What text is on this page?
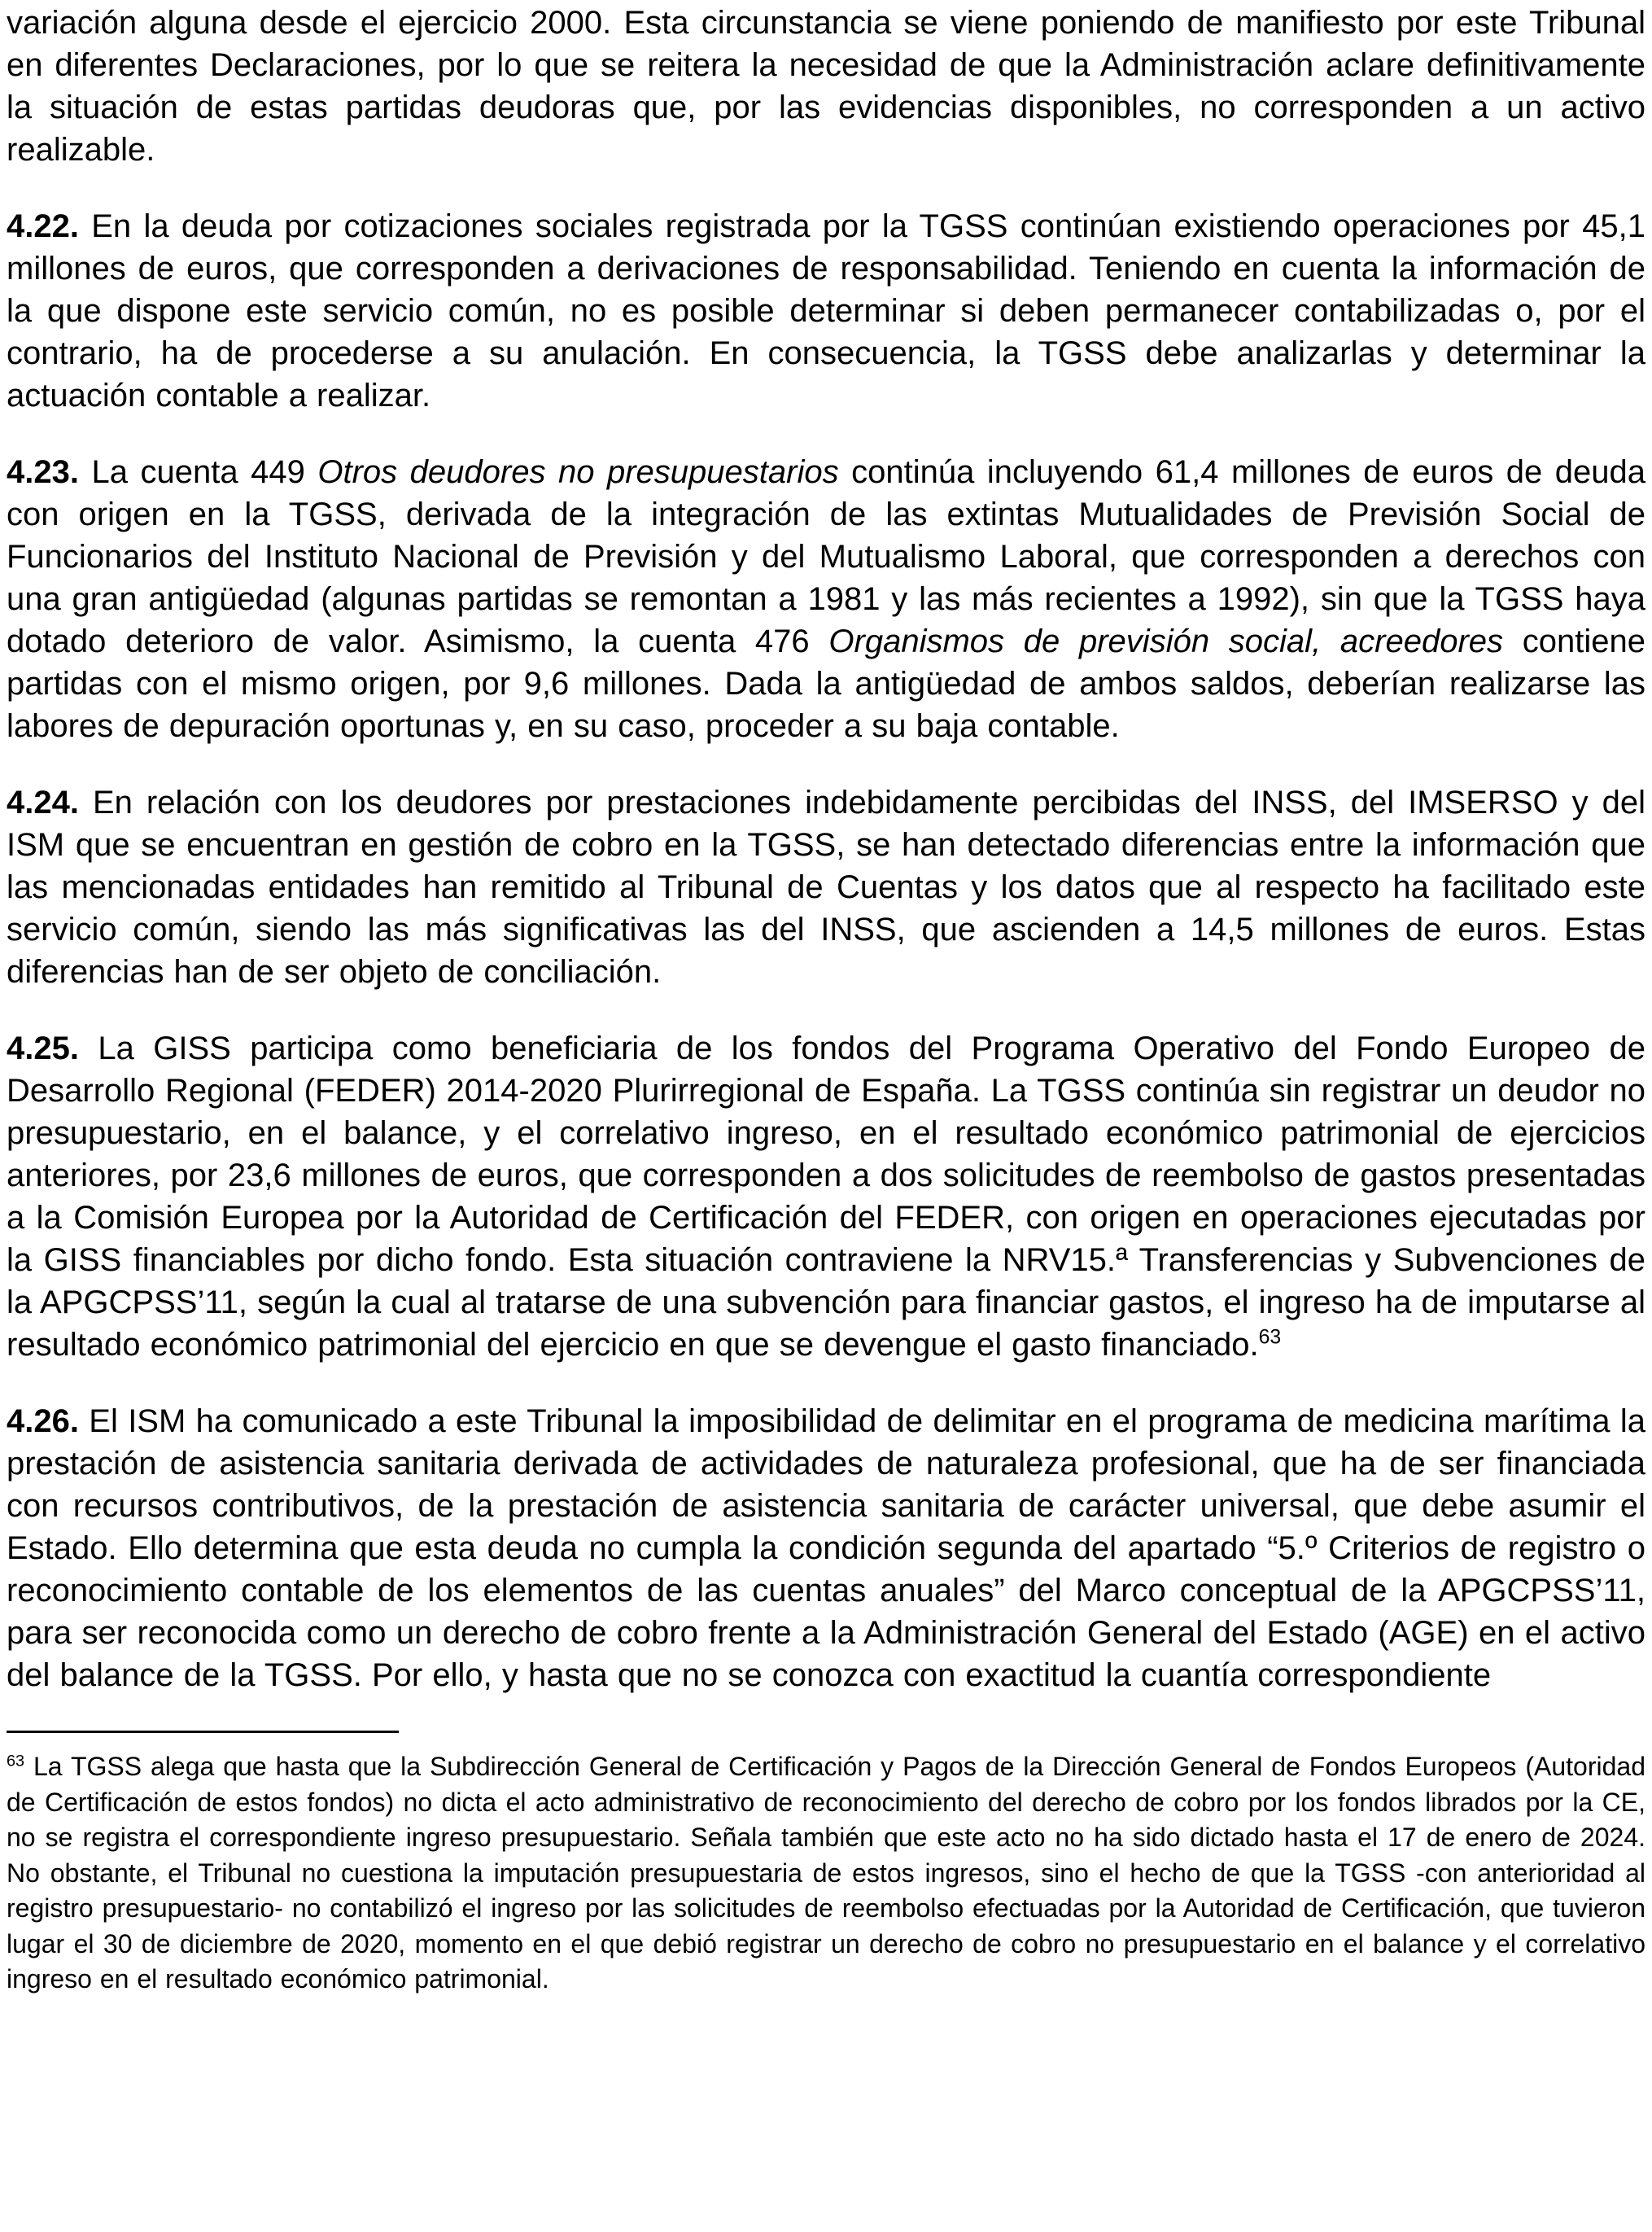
variación alguna desde el ejercicio 2000. Esta circunstancia se viene poniendo de manifiesto por este Tribunal en diferentes Declaraciones, por lo que se reitera la necesidad de que la Administración aclare definitivamente la situación de estas partidas deudoras que, por las evidencias disponibles, no corresponden a un activo realizable.

4.22. En la deuda por cotizaciones sociales registrada por la TGSS continúan existiendo operaciones por 45,1 millones de euros, que corresponden a derivaciones de responsabilidad. Teniendo en cuenta la información de la que dispone este servicio común, no es posible determinar si deben permanecer contabilizadas o, por el contrario, ha de procederse a su anulación. En consecuencia, la TGSS debe analizarlas y determinar la actuación contable a realizar.

4.23. La cuenta 449 Otros deudores no presupuestarios continúa incluyendo 61,4 millones de euros de deuda con origen en la TGSS, derivada de la integración de las extintas Mutualidades de Previsión Social de Funcionarios del Instituto Nacional de Previsión y del Mutualismo Laboral, que corresponden a derechos con una gran antigüedad (algunas partidas se remontan a 1981 y las más recientes a 1992), sin que la TGSS haya dotado deterioro de valor. Asimismo, la cuenta 476 Organismos de previsión social, acreedores contiene partidas con el mismo origen, por 9,6 millones. Dada la antigüedad de ambos saldos, deberían realizarse las labores de depuración oportunas y, en su caso, proceder a su baja contable.

4.24. En relación con los deudores por prestaciones indebidamente percibidas del INSS, del IMSERSO y del ISM que se encuentran en gestión de cobro en la TGSS, se han detectado diferencias entre la información que las mencionadas entidades han remitido al Tribunal de Cuentas y los datos que al respecto ha facilitado este servicio común, siendo las más significativas las del INSS, que ascienden a 14,5 millones de euros. Estas diferencias han de ser objeto de conciliación.

4.25. La GISS participa como beneficiaria de los fondos del Programa Operativo del Fondo Europeo de Desarrollo Regional (FEDER) 2014-2020 Plurirregional de España. La TGSS continúa sin registrar un deudor no presupuestario, en el balance, y el correlativo ingreso, en el resultado económico patrimonial de ejercicios anteriores, por 23,6 millones de euros, que corresponden a dos solicitudes de reembolso de gastos presentadas a la Comisión Europea por la Autoridad de Certificación del FEDER, con origen en operaciones ejecutadas por la GISS financiables por dicho fondo. Esta situación contraviene la NRV15.ª Transferencias y Subvenciones de la APGCPSS’11, según la cual al tratarse de una subvención para financiar gastos, el ingreso ha de imputarse al resultado económico patrimonial del ejercicio en que se devengue el gasto financiado.$^{63}$

4.26. El ISM ha comunicado a este Tribunal la imposibilidad de delimitar en el programa de medicina marítima la prestación de asistencia sanitaria derivada de actividades de naturaleza profesional, que ha de ser financiada con recursos contributivos, de la prestación de asistencia sanitaria de carácter universal, que debe asumir el Estado. Ello determina que esta deuda no cumpla la condición segunda del apartado “5.º Criterios de registro o reconocimiento contable de los elementos de las cuentas anuales” del Marco conceptual de la APGCPSS’11, para ser reconocida como un derecho de cobro frente a la Administración General del Estado (AGE) en el activo del balance de la TGSS. Por ello, y hasta que no se conozca con exactitud la cuantía correspondiente

$^{63}$ La TGSS alega que hasta que la Subdirección General de Certificación y Pagos de la Dirección General de Fondos Europeos (Autoridad de Certificación de estos fondos) no dicta el acto administrativo de reconocimiento del derecho de cobro por los fondos librados por la CE, no se registra el correspondiente ingreso presupuestario. Señala también que este acto no ha sido dictado hasta el 17 de enero de 2024. No obstante, el Tribunal no cuestiona la imputación presupuestaria de estos ingresos, sino el hecho de que la TGSS -con anterioridad al registro presupuestario- no contabilizó el ingreso por las solicitudes de reembolso efectuadas por la Autoridad de Certificación, que tuvieron lugar el 30 de diciembre de 2020, momento en el que debió registrar un derecho de cobro no presupuestario en el balance y el correlativo ingreso en el resultado económico patrimonial.
